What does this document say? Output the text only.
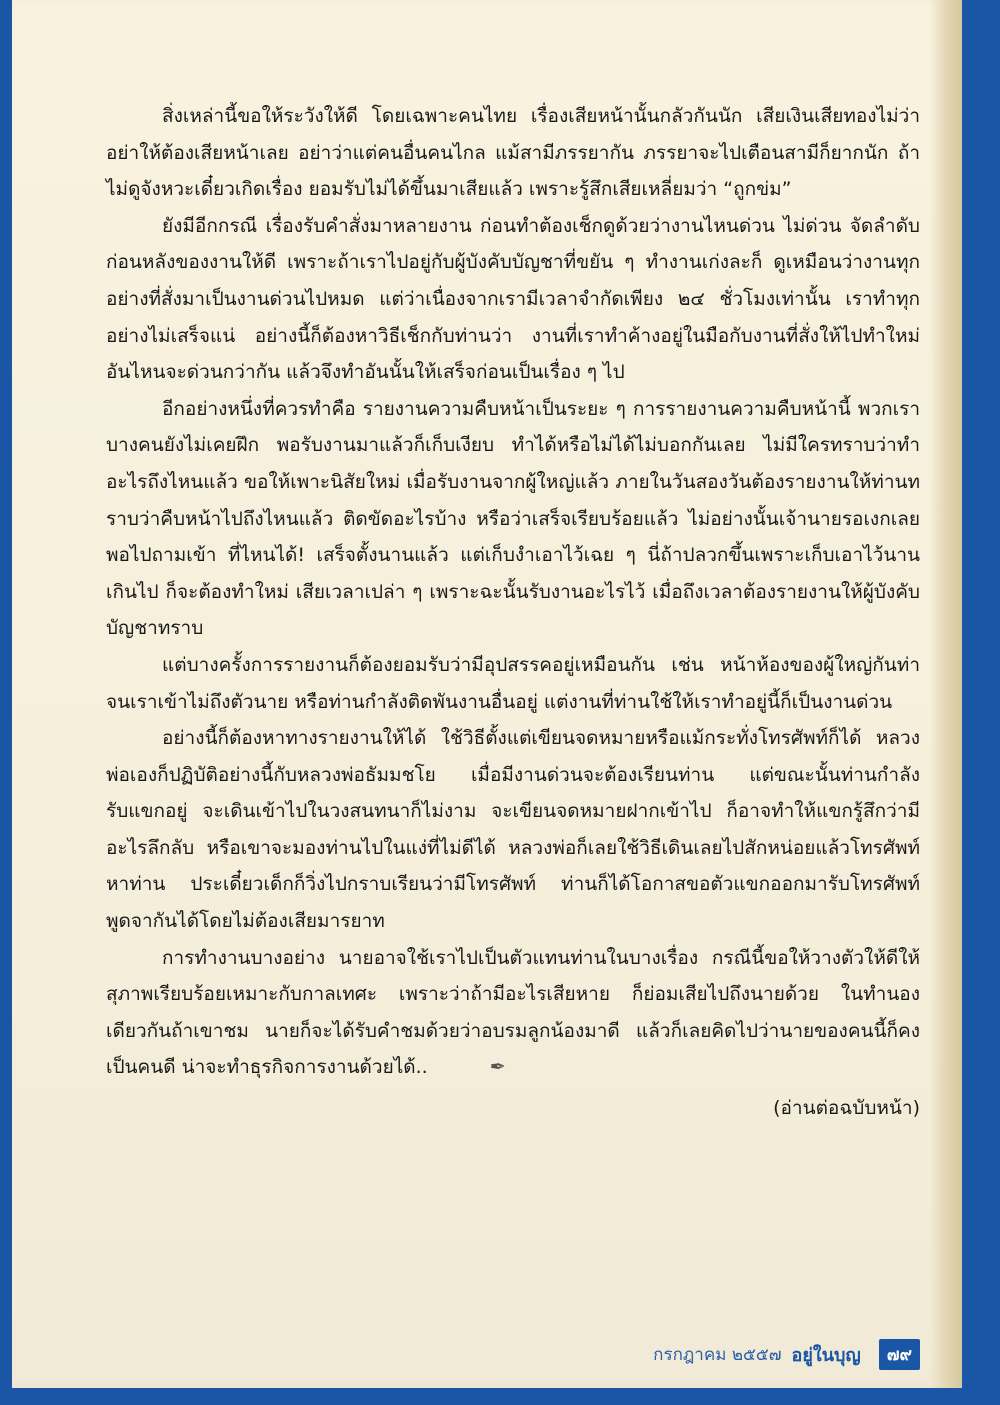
สิ่งเหล่านี้ขอให้ระวังให้ดี โดยเฉพาะคนไทย เรื่องเสียหน้านั้นกลัวกันนัก เสียเงินเสียทองไม่ว่า อย่าให้ต้องเสียหน้าเลย อย่าว่าแต่คนอื่นคนไกล แม้สามีภรรยากัน ภรรยาจะไปเตือนสามีก็ยากนัก ถ้าไม่ดูจังหวะเดี๋ยวเกิดเรื่อง ยอมรับไม่ได้ขึ้นมาเสียแล้ว เพราะรู้สึกเสียเหลี่ยมว่า “ถูกข่ม”

ยังมีอีกกรณี เรื่องรับคำสั่งมาหลายงาน ก่อนทำต้องเช็กดูด้วยว่างานไหนด่วน ไม่ด่วน จัดลำดับก่อนหลังของงานให้ดี เพราะถ้าเราไปอยู่กับผู้บังคับบัญชาที่ขยัน ๆ ทำงานเก่งละก็ ดูเหมือนว่างานทุกอย่างที่สั่งมาเป็นงานด่วนไปหมด แต่ว่าเนื่องจากเรามีเวลาจำกัดเพียง ๒๔ ชั่วโมงเท่านั้น เราทำทุกอย่างไม่เสร็จแน่ อย่างนี้ก็ต้องหาวิธีเช็กกับท่านว่า งานที่เราทำค้างอยู่ในมือกับงานที่สั่งให้ไปทำใหม่ อันไหนจะด่วนกว่ากัน แล้วจึงทำอันนั้นให้เสร็จก่อนเป็นเรื่อง ๆ ไป

อีกอย่างหนึ่งที่ควรทำคือ รายงานความคืบหน้าเป็นระยะ ๆ การรายงานความคืบหน้านี้ พวกเราบางคนยังไม่เคยฝึก พอรับงานมาแล้วก็เก็บเงียบ ทำได้หรือไม่ได้ไม่บอกกันเลย ไม่มีใครทราบว่าทำอะไรถึงไหนแล้ว ขอให้เพาะนิสัยใหม่ เมื่อรับงานจากผู้ใหญ่แล้ว ภายในวันสองวันต้องรายงานให้ท่านทราบว่าคืบหน้าไปถึงไหนแล้ว ติดขัดอะไรบ้าง หรือว่าเสร็จเรียบร้อยแล้ว ไม่อย่างนั้นเจ้านายรอเงกเลย พอไปถามเข้า ที่ไหนได้! เสร็จตั้งนานแล้ว แต่เก็บงำเอาไว้เฉย ๆ นี่ถ้าปลวกขึ้นเพราะเก็บเอาไว้นานเกินไป ก็จะต้องทำใหม่ เสียเวลาเปล่า ๆ เพราะฉะนั้นรับงานอะไรไว้ เมื่อถึงเวลาต้องรายงานให้ผู้บังคับบัญชาทราบ

แต่บางครั้งการรายงานก็ต้องยอมรับว่ามีอุปสรรคอยู่เหมือนกัน เช่น หน้าห้องของผู้ใหญ่กันท่าจนเราเข้าไม่ถึงตัวนาย หรือท่านกำลังติดพันงานอื่นอยู่ แต่งานที่ท่านใช้ให้เราทำอยู่นี้ก็เป็นงานด่วน

อย่างนี้ก็ต้องหาทางรายงานให้ได้ ใช้วิธีตั้งแต่เขียนจดหมายหรือแม้กระทั่งโทรศัพท์ก็ได้ หลวงพ่อเองก็ปฏิบัติอย่างนี้กับหลวงพ่อธัมมชโย เมื่อมีงานด่วนจะต้องเรียนท่าน แต่ขณะนั้นท่านกำลังรับแขกอยู่ จะเดินเข้าไปในวงสนทนาก็ไม่งาม จะเขียนจดหมายฝากเข้าไป ก็อาจทำให้แขกรู้สึกว่ามีอะไรลึกลับ หรือเขาจะมองท่านไปในแง่ที่ไม่ดีได้ หลวงพ่อก็เลยใช้วิธีเดินเลยไปสักหน่อยแล้วโทรศัพท์หาท่าน ประเดี๋ยวเด็กก็วิ่งไปกราบเรียนว่ามีโทรศัพท์ ท่านก็ได้โอกาสขอตัวแขกออกมารับโทรศัพท์ พูดจากันได้โดยไม่ต้องเสียมารยาท

การทำงานบางอย่าง นายอาจใช้เราไปเป็นตัวแทนท่านในบางเรื่อง กรณีนี้ขอให้วางตัวให้ดีให้สุภาพเรียบร้อยเหมาะกับกาลเทศะ เพราะว่าถ้ามีอะไรเสียหาย ก็ย่อมเสียไปถึงนายด้วย ในทำนองเดียวกันถ้าเขาชม นายก็จะได้รับคำชมด้วยว่าอบรมลูกน้องมาดี แล้วก็เลยคิดไปว่านายของคนนี้ก็คงเป็นคนดี น่าจะทำธุรกิจการงานด้วยได้..	✒

(อ่านต่อฉบับหน้า)

กรกฎาคม ๒๕๕๗ อยู่ในบุญ	๗๙
